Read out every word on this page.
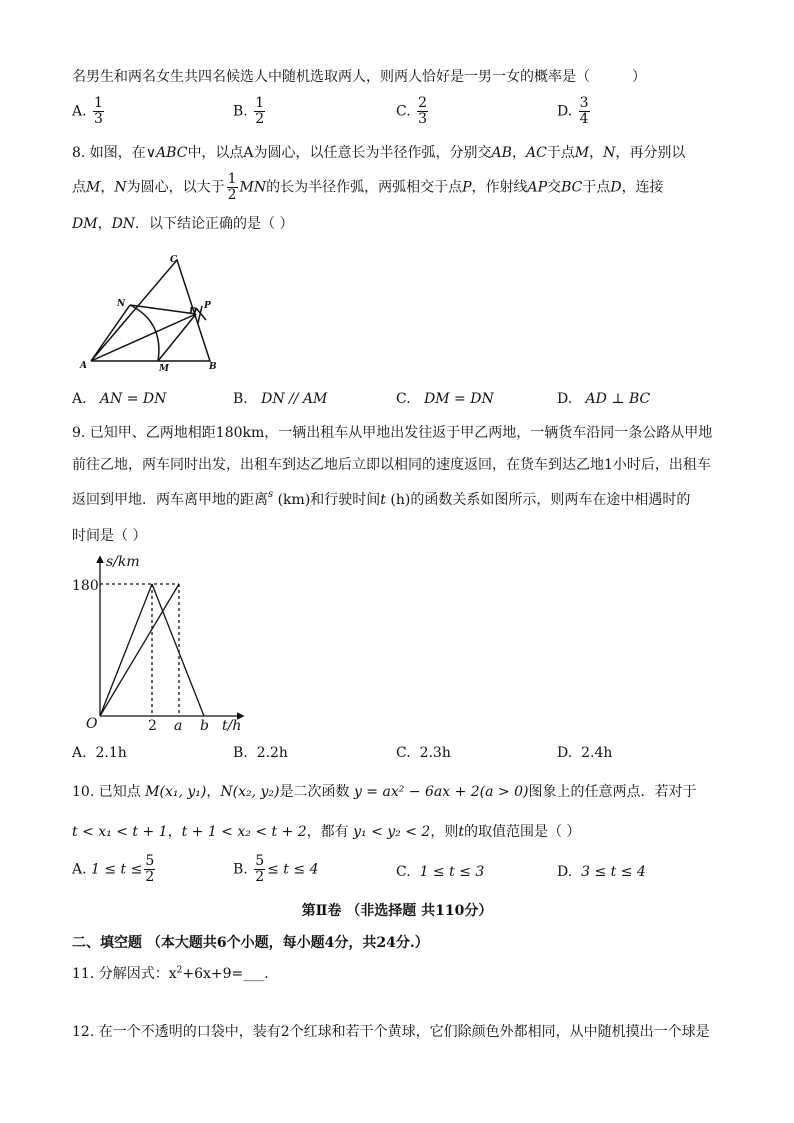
名男生和两名女生共四名候选人中随机选取两人，则两人恰好是一男一女的概率是（　　　）
A. $\frac{1}{3}$	B. $\frac{1}{2}$	C. $\frac{2}{3}$	D. $\frac{3}{4}$
8. 如图，在∨ABC中，以点A为圆心，以任意长为半径作弧，分别交AB，AC于点M，N，再分别以
点M，N为圆心，以大于 $\frac{1}{2}$ MN的长为半径作弧，两弧相交于点P，作射线AP交BC于点D，连接
DM，DN．以下结论正确的是（ ）
C
N
D
P
A	M	B
A. AN = DN	B. DN // AM	C. DM = DN	D. AD ⊥ BC
9. 已知甲、乙两地相距180km，一辆出租车从甲地出发往返于甲乙两地，一辆货车沿同一条公路从甲地
前往乙地，两车同时出发，出租车到达乙地后立即以相同的速度返回，在货车到达乙地1小时后，出租车
返回到甲地．两车离甲地的距离$^s$ (km)和行驶时间t (h)的函数关系如图所示，则两车在途中相遇时的
时间是（ ）
s/km
180
O	2 a b t/h
A. 2.1h	B. 2.2h	C. 2.3h	D. 2.4h
10. 已知点 M(x₁, y₁)，N(x₂, y₂)是二次函数 y = ax² − 6ax + 2(a > 0)图象上的任意两点．若对于
t < x₁ < t + 1，t + 1 < x₂ < t + 2，都有 y₁ < y₂ < 2，则t的取值范围是（ ）
A. $1 \le t \le \frac{5}{2}$	B. $\frac{5}{2} \le t \le 4$	C. 1 ≤ t ≤ 3	D. 3 ≤ t ≤ 4
第Ⅱ卷 （非选择题 共110分）
二、填空题 （本大题共6个小题，每小题4分，共24分.）
11. 分解因式：$x^2+6x+9=\_\_\_$．
12. 在一个不透明的口袋中，装有2个红球和若干个黄球，它们除颜色外都相同，从中随机摸出一个球是
